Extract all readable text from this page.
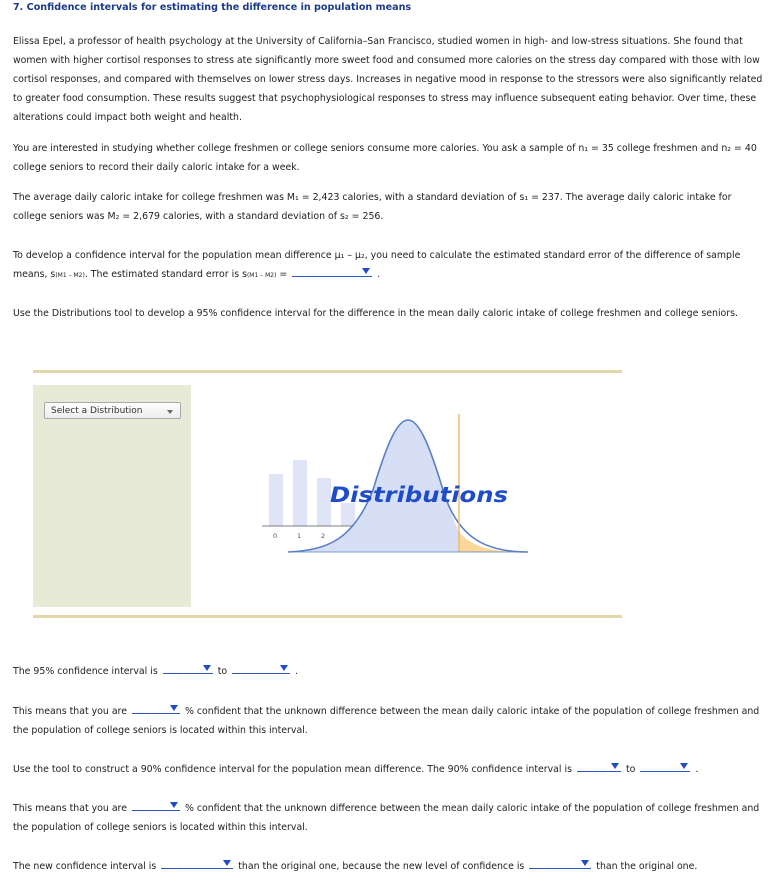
7. Confidence intervals for estimating the difference in population means

Elissa Epel, a professor of health psychology at the University of California–San Francisco, studied women in high- and low-stress situations. She found that women with higher cortisol responses to stress ate significantly more sweet food and consumed more calories on the stress day compared with those with low cortisol responses, and compared with themselves on lower stress days. Increases in negative mood in response to the stressors were also significantly related to greater food consumption. These results suggest that psychophysiological responses to stress may influence subsequent eating behavior. Over time, these alterations could impact both weight and health.

You are interested in studying whether college freshmen or college seniors consume more calories. You ask a sample of n₁ = 35 college freshmen and n₂ = 40 college seniors to record their daily caloric intake for a week.

The average daily caloric intake for college freshmen was M₁ = 2,423 calories, with a standard deviation of s₁ = 237. The average daily caloric intake for college seniors was M₂ = 2,679 calories, with a standard deviation of s₂ = 256.

To develop a confidence interval for the population mean difference μ₁ – μ₂, you need to calculate the estimated standard error of the difference of sample means, s(M1 – M2). The estimated standard error is s(M1 – M2) =	.

Use the Distributions tool to develop a 95% confidence interval for the difference in the mean daily caloric intake of college freshmen and college seniors.

Select a Distribution
0	1	2
Distributions

The 95% confidence interval is	to	.

This means that you are	% confident that the unknown difference between the mean daily caloric intake of the population of college freshmen and the population of college seniors is located within this interval.

Use the tool to construct a 90% confidence interval for the population mean difference. The 90% confidence interval is	to	.

This means that you are	% confident that the unknown difference between the mean daily caloric intake of the population of college freshmen and the population of college seniors is located within this interval.

The new confidence interval is	than the original one, because the new level of confidence is	than the original one.
